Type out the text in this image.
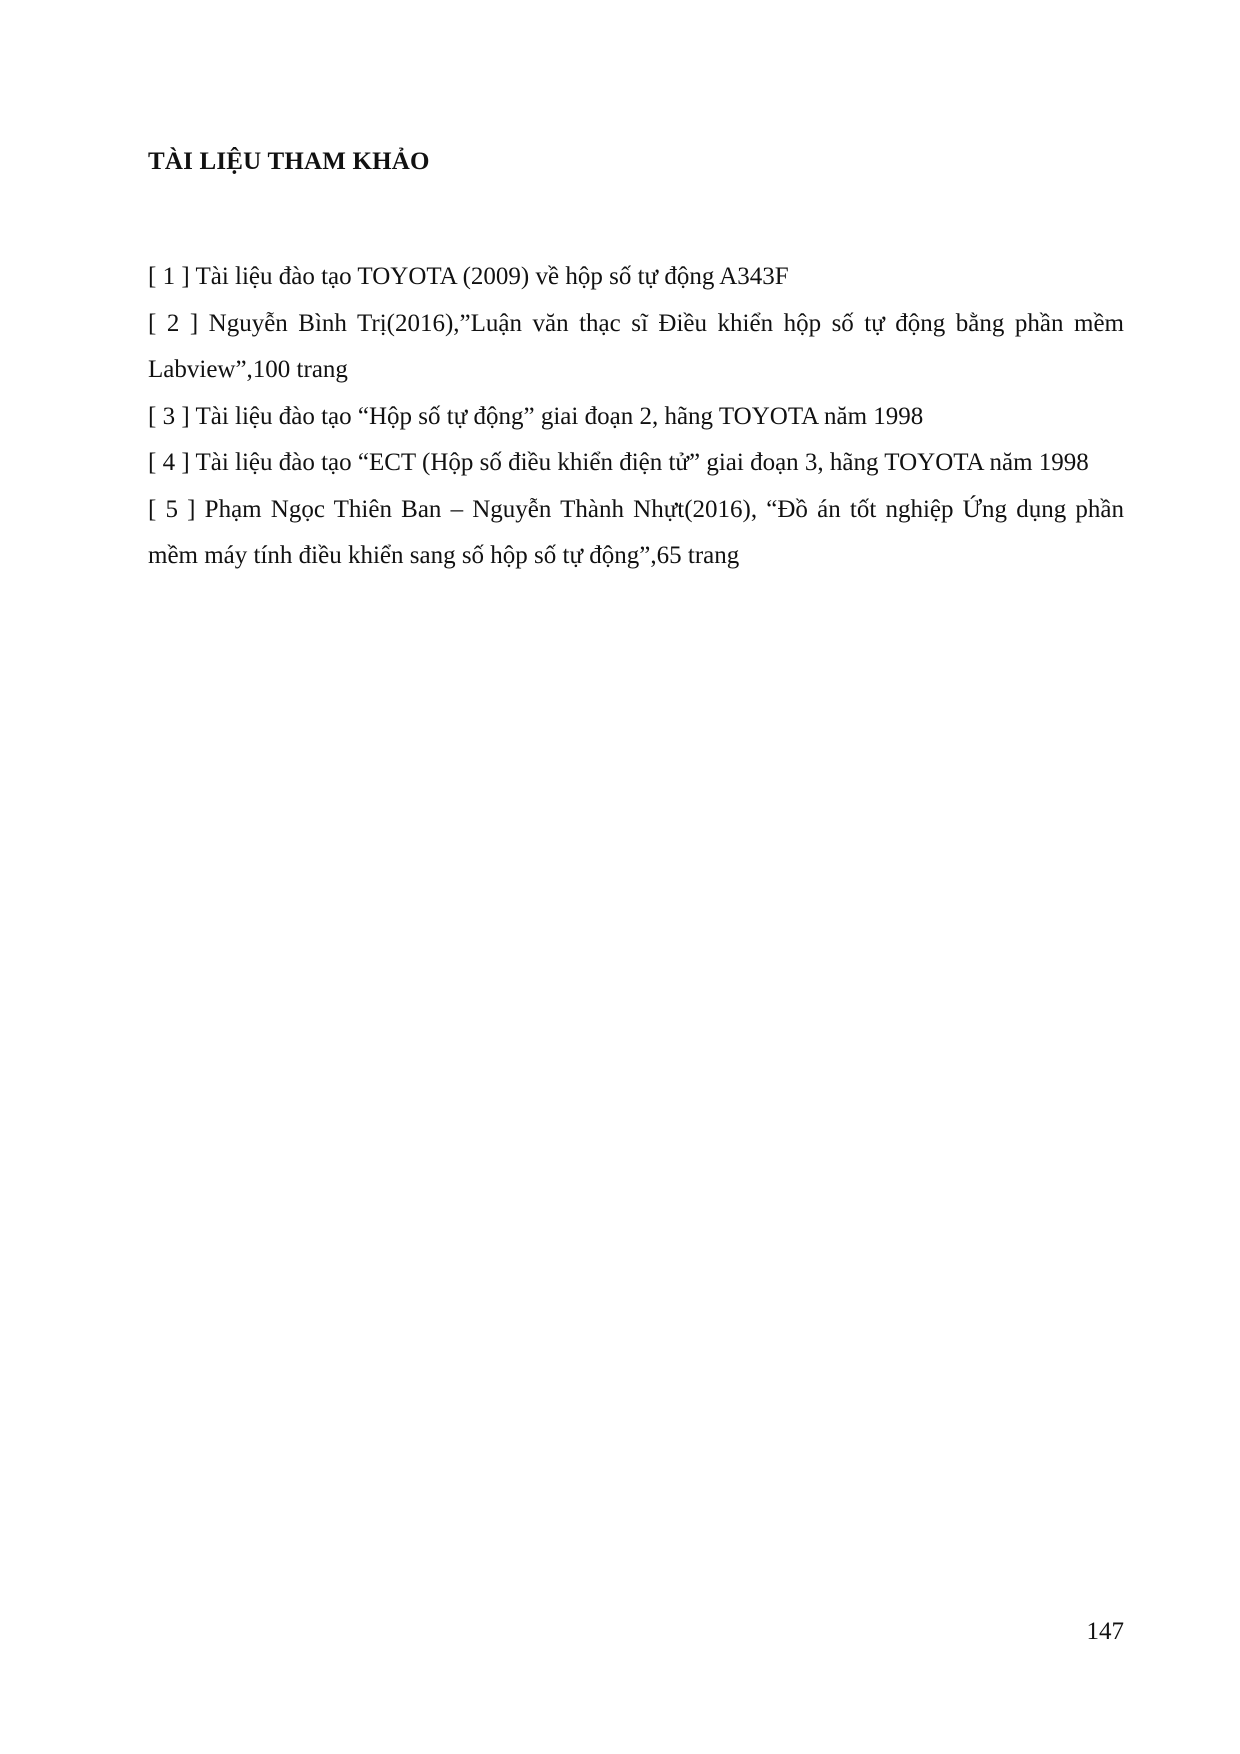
TÀI LIỆU THAM KHẢO

[ 1 ] Tài liệu đào tạo TOYOTA (2009) về hộp số tự động A343F

[ 2 ] Nguyễn Bình Trị(2016),”Luận văn thạc sĩ Điều khiển hộp số tự động bằng phần mềm Labview”,100 trang

[ 3 ] Tài liệu đào tạo “Hộp số tự động” giai đoạn 2, hãng TOYOTA năm 1998

[ 4 ] Tài liệu đào tạo “ECT (Hộp số điều khiển điện tử” giai đoạn 3, hãng TOYOTA năm 1998

[ 5 ] Phạm Ngọc Thiên Ban – Nguyễn Thành Nhựt(2016), “Đồ án tốt nghiệp Ứng dụng phần mềm máy tính điều khiển sang số hộp số tự động”,65 trang

147
